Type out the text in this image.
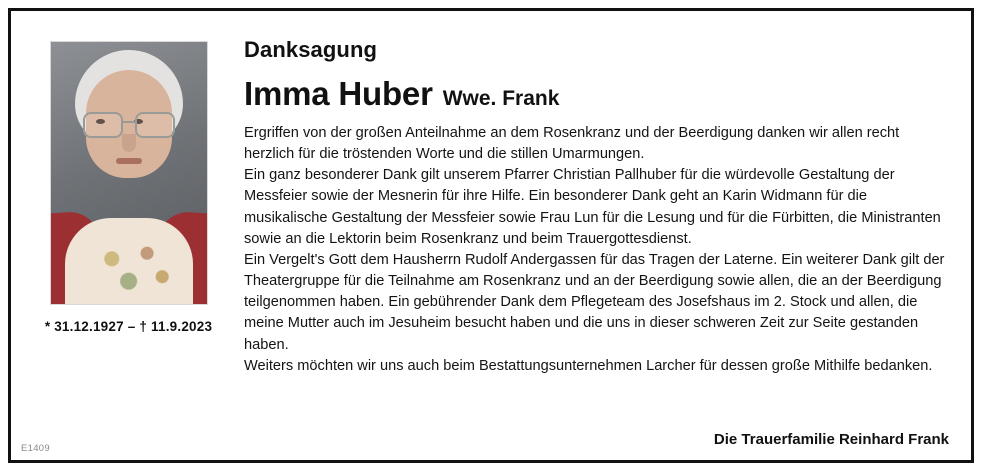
* 31.12.1927 – † 11.9.2023
Danksagung
Imma Huber Wwe. Frank

Ergriffen von der großen Anteilnahme an dem Rosenkranz und der Beerdigung danken wir allen recht herzlich für die tröstenden Worte und die stillen Umarmungen.

Ein ganz besonderer Dank gilt unserem Pfarrer Christian Pallhuber für die würdevolle Gestaltung der Messfeier sowie der Mesnerin für ihre Hilfe. Ein besonderer Dank geht an Karin Widmann für die musikalische Gestaltung der Messfeier sowie Frau Lun für die Lesung und für die Fürbitten, die Ministranten sowie an die Lektorin beim Rosenkranz und beim Trauergottesdienst.

Ein Vergelt's Gott dem Hausherrn Rudolf Andergassen für das Tragen der Laterne. Ein weiterer Dank gilt der Theatergruppe für die Teilnahme am Rosenkranz und an der Beerdigung sowie allen, die an der Beerdigung teilgenommen haben. Ein gebührender Dank dem Pflegeteam des Josefshaus im 2. Stock und allen, die meine Mutter auch im Jesuheim besucht haben und die uns in dieser schweren Zeit zur Seite gestanden haben.

Weiters möchten wir uns auch beim Bestattungsunternehmen Larcher für dessen große Mithilfe bedanken.

Die Trauerfamilie Reinhard Frank
E1409
